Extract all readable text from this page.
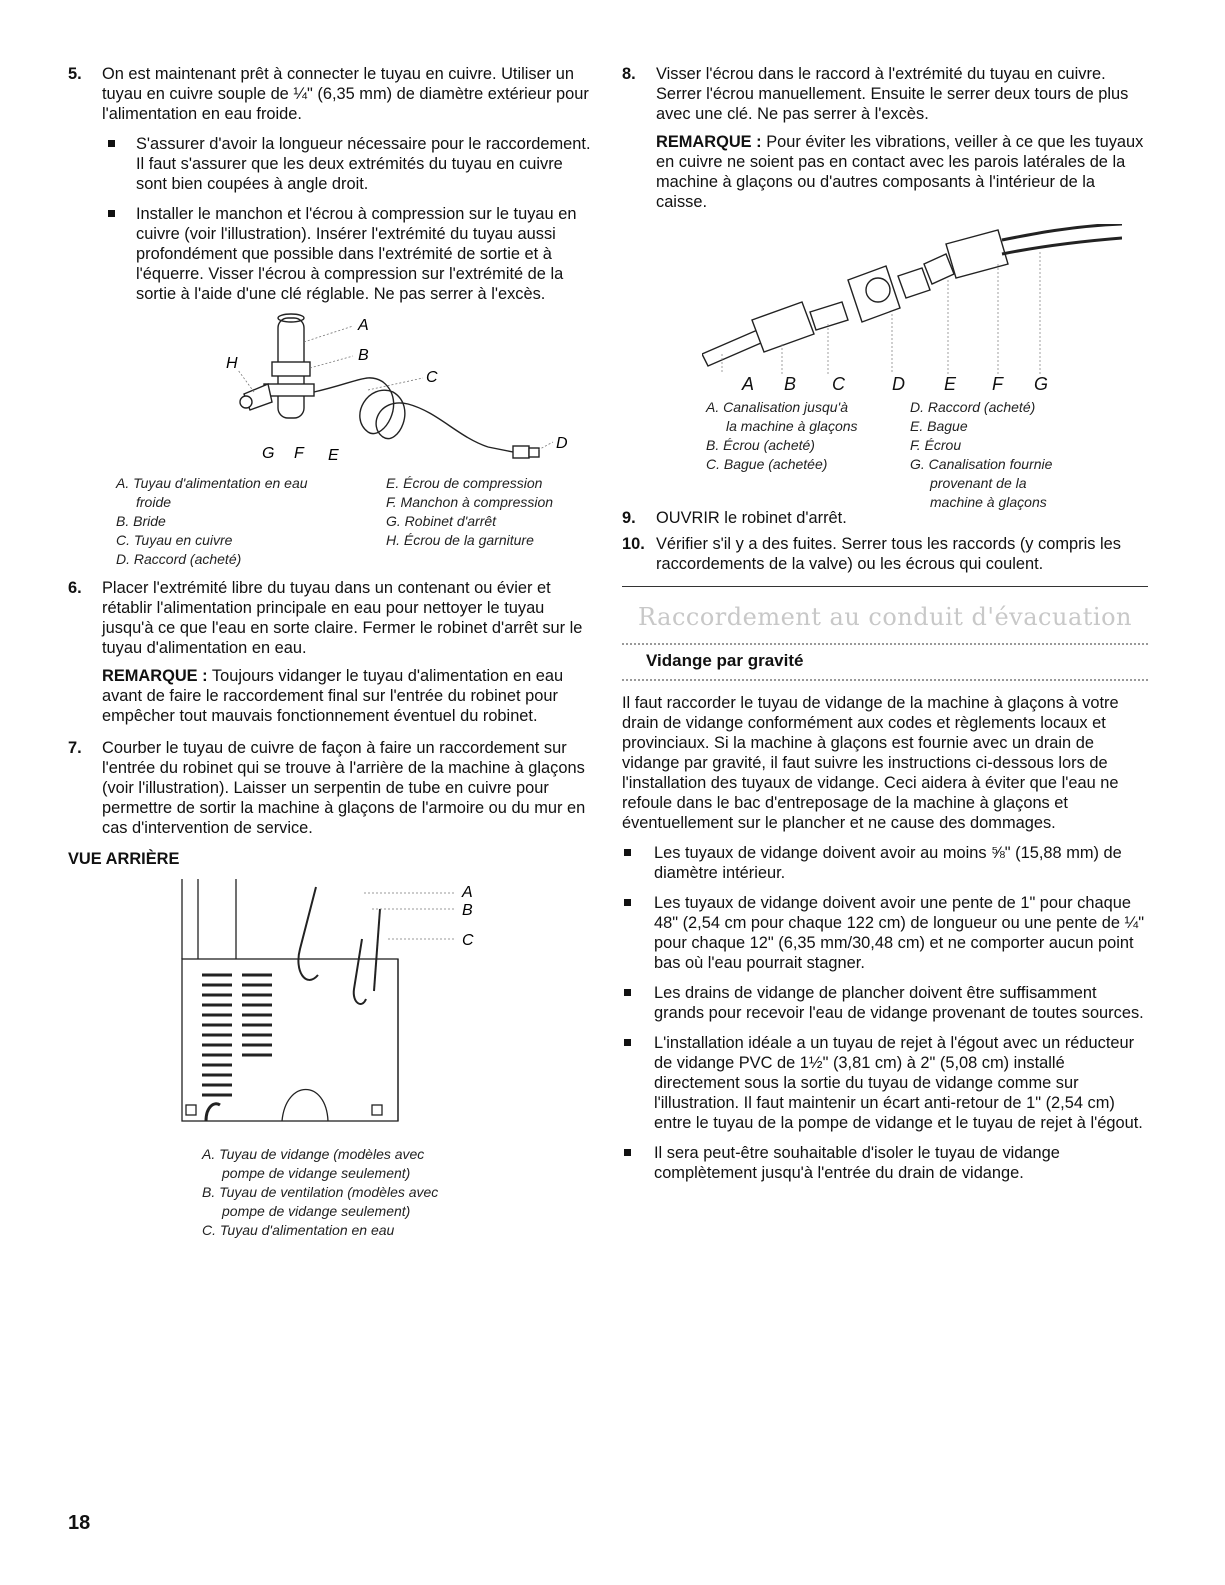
5. On est maintenant prêt à connecter le tuyau en cuivre. Utiliser un tuyau en cuivre souple de ¼" (6,35 mm) de diamètre extérieur pour l'alimentation en eau froide.
S'assurer d'avoir la longueur nécessaire pour le raccordement. Il faut s'assurer que les deux extrémités du tuyau en cuivre sont bien coupées à angle droit.
Installer le manchon et l'écrou à compression sur le tuyau en cuivre (voir l'illustration). Insérer l'extrémité du tuyau aussi profondément que possible dans l'extrémité de sortie et à l'équerre. Visser l'écrou à compression sur l'extrémité de la sortie à l'aide d'une clé réglable. Ne pas serrer à l'excès.
A
B
C
D
E
F
G
H
A. Tuyau d'alimentation en eau
froide
B. Bride
C. Tuyau en cuivre
D. Raccord (acheté)
E. Écrou de compression
F. Manchon à compression
G. Robinet d'arrêt
H. Écrou de la garniture
6. Placer l'extrémité libre du tuyau dans un contenant ou évier et rétablir l'alimentation principale en eau pour nettoyer le tuyau jusqu'à ce que l'eau en sorte claire. Fermer le robinet d'arrêt sur le tuyau d'alimentation en eau.
REMARQUE : Toujours vidanger le tuyau d'alimentation en eau avant de faire le raccordement final sur l'entrée du robinet pour empêcher tout mauvais fonctionnement éventuel du robinet.
7. Courber le tuyau de cuivre de façon à faire un raccordement sur l'entrée du robinet qui se trouve à l'arrière de la machine à glaçons (voir l'illustration). Laisser un serpentin de tube en cuivre pour permettre de sortir la machine à glaçons de l'armoire ou du mur en cas d'intervention de service.
VUE ARRIÈRE
A
B
C
A. Tuyau de vidange (modèles avec
pompe de vidange seulement)
B. Tuyau de ventilation (modèles avec
pompe de vidange seulement)
C. Tuyau d'alimentation en eau
8. Visser l'écrou dans le raccord à l'extrémité du tuyau en cuivre. Serrer l'écrou manuellement. Ensuite le serrer deux tours de plus avec une clé. Ne pas serrer à l'excès.
REMARQUE : Pour éviter les vibrations, veiller à ce que les tuyaux en cuivre ne soient pas en contact avec les parois latérales de la machine à glaçons ou d'autres composants à l'intérieur de la caisse.
A B C	D E F G
A. Canalisation jusqu'à
la machine à glaçons
B. Écrou (acheté)
C. Bague (achetée)
D. Raccord (acheté)
E. Bague
F. Écrou
G. Canalisation fournie
provenant de la
machine à glaçons
9. OUVRIR le robinet d'arrêt.
10. Vérifier s'il y a des fuites. Serrer tous les raccords (y compris les raccordements de la valve) ou les écrous qui coulent.
Raccordement au conduit d'évacuation
Vidange par gravité
Il faut raccorder le tuyau de vidange de la machine à glaçons à votre drain de vidange conformément aux codes et règlements locaux et provinciaux. Si la machine à glaçons est fournie avec un drain de vidange par gravité, il faut suivre les instructions ci-dessous lors de l'installation des tuyaux de vidange. Ceci aidera à éviter que l'eau ne refoule dans le bac d'entreposage de la machine à glaçons et éventuellement sur le plancher et ne cause des dommages.
Les tuyaux de vidange doivent avoir au moins ⅝" (15,88 mm) de diamètre intérieur.
Les tuyaux de vidange doivent avoir une pente de 1" pour chaque 48" (2,54 cm pour chaque 122 cm) de longueur ou une pente de ¼" pour chaque 12" (6,35 mm/30,48 cm) et ne comporter aucun point bas où l'eau pourrait stagner.
Les drains de vidange de plancher doivent être suffisamment grands pour recevoir l'eau de vidange provenant de toutes sources.
L'installation idéale a un tuyau de rejet à l'égout avec un réducteur de vidange PVC de 1½" (3,81 cm) à 2" (5,08 cm) installé directement sous la sortie du tuyau de vidange comme sur l'illustration. Il faut maintenir un écart anti-retour de 1" (2,54 cm) entre le tuyau de la pompe de vidange et le tuyau de rejet à l'égout.
Il sera peut-être souhaitable d'isoler le tuyau de vidange complètement jusqu'à l'entrée du drain de vidange.
18
